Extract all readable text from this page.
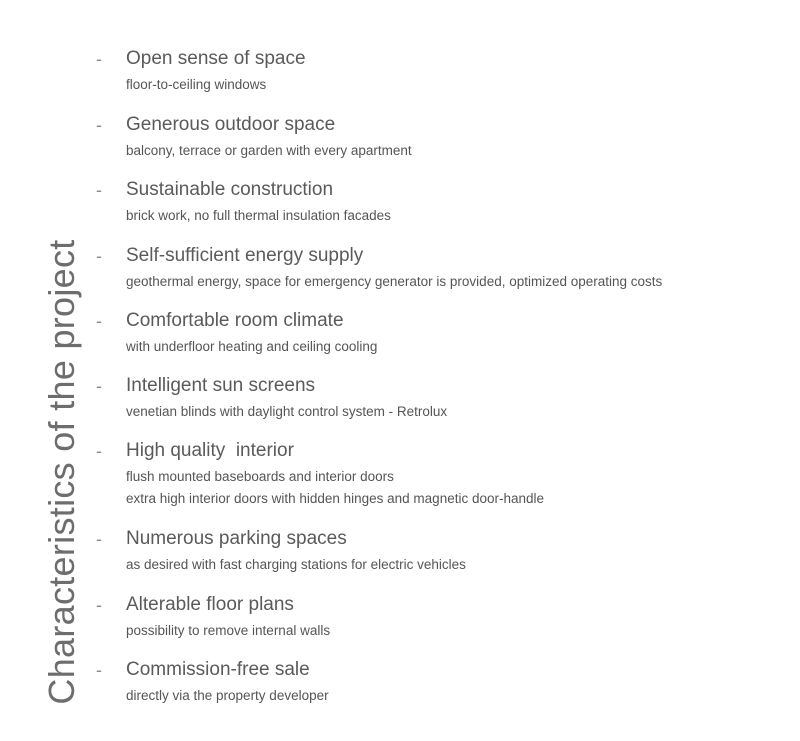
Characteristics of the project
- Open sense of space
floor-to-ceiling windows
- Generous outdoor space
balcony, terrace or garden with every apartment
- Sustainable construction
brick work, no full thermal insulation facades
- Self-sufficient energy supply
geothermal energy, space for emergency generator is provided, optimized operating costs
- Comfortable room climate
with underfloor heating and ceiling cooling
- Intelligent sun screens
venetian blinds with daylight control system - Retrolux
- High quality  interior
flush mounted baseboards and interior doors
extra high interior doors with hidden hinges and magnetic door-handle
- Numerous parking spaces
as desired with fast charging stations for electric vehicles
- Alterable floor plans
possibility to remove internal walls
- Commission-free sale
directly via the property developer
